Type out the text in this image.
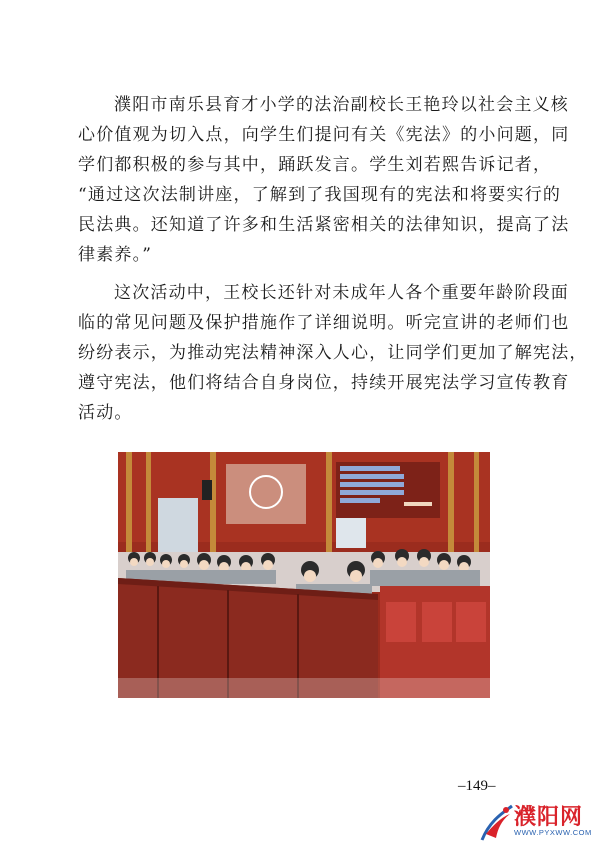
濮阳市南乐县育才小学的法治副校长王艳玲以社会主义核
心价值观为切入点，向学生们提问有关《宪法》的小问题，同
学们都积极的参与其中，踊跃发言。学生刘若熙告诉记者，
“通过这次法制讲座，了解到了我国现有的宪法和将要实行的
民法典。还知道了许多和生活紧密相关的法律知识，提高了法
律素养。”

这次活动中，王校长还针对未成年人各个重要年龄阶段面
临的常见问题及保护措施作了详细说明。听完宣讲的老师们也
纷纷表示，为推动宪法精神深入人心，让同学们更加了解宪法，
遵守宪法，他们将结合自身岗位，持续开展宪法学习宣传教育
活动。

–149–
濮阳网
WWW.PYXWW.COM
